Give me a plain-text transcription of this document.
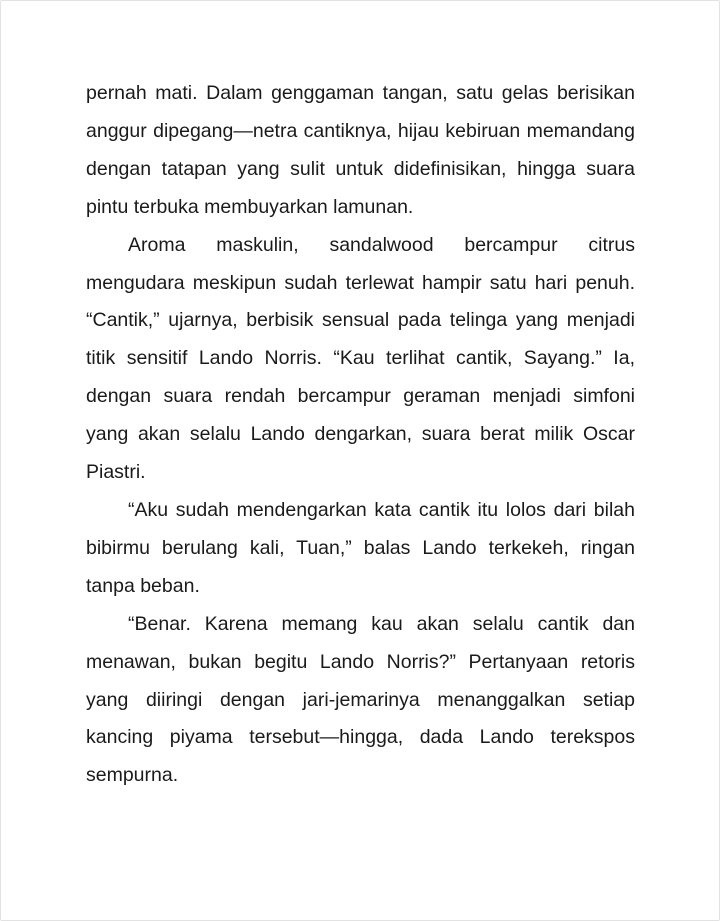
pernah mati. Dalam genggaman tangan, satu gelas berisikan anggur dipegang—netra cantiknya, hijau kebiruan memandang dengan tatapan yang sulit untuk didefinisikan, hingga suara pintu terbuka membuyarkan lamunan.

Aroma maskulin, sandalwood bercampur citrus mengudara meskipun sudah terlewat hampir satu hari penuh. “Cantik,” ujarnya, berbisik sensual pada telinga yang menjadi titik sensitif Lando Norris. “Kau terlihat cantik, Sayang.” Ia, dengan suara rendah bercampur geraman menjadi simfoni yang akan selalu Lando dengarkan, suara berat milik Oscar Piastri.

“Aku sudah mendengarkan kata cantik itu lolos dari bilah bibirmu berulang kali, Tuan,” balas Lando terkekeh, ringan tanpa beban.

“Benar. Karena memang kau akan selalu cantik dan menawan, bukan begitu Lando Norris?” Pertanyaan retoris yang diiringi dengan jari-jemarinya menanggalkan setiap kancing piyama tersebut—hingga, dada Lando terekspos sempurna.
